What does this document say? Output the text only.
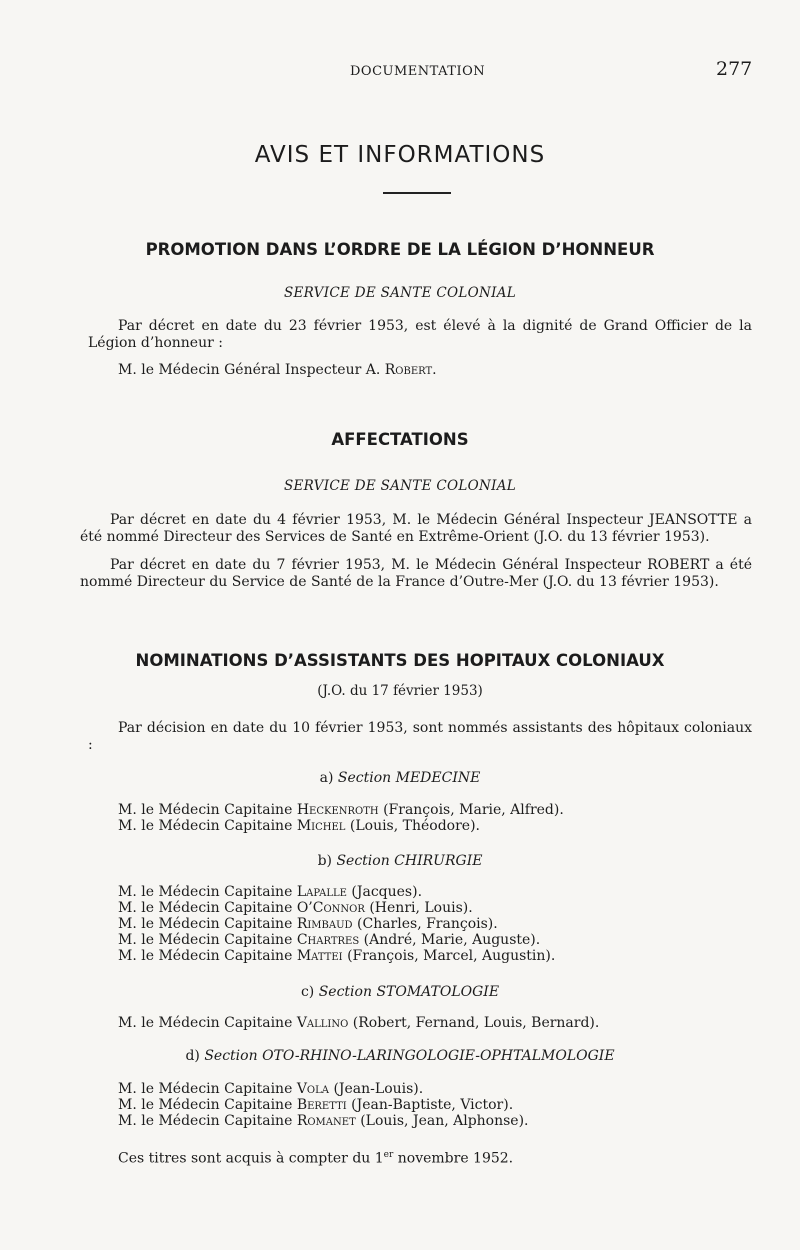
DOCUMENTATION	277
AVIS ET INFORMATIONS
PROMOTION DANS L’ORDRE DE LA LÉGION D’HONNEUR
SERVICE DE SANTE COLONIAL
Par décret en date du 23 février 1953, est élevé à la dignité de Grand Officier de la Légion d’honneur :
M. le Médecin Général Inspecteur A. Robert.
AFFECTATIONS
SERVICE DE SANTE COLONIAL
Par décret en date du 4 février 1953, M. le Médecin Général Inspecteur JEANSOTTE a été nommé Directeur des Services de Santé en Extrême-Orient (J.O. du 13 février 1953).
Par décret en date du 7 février 1953, M. le Médecin Général Inspecteur ROBERT a été nommé Directeur du Service de Santé de la France d’Outre-Mer (J.O. du 13 février 1953).
NOMINATIONS D’ASSISTANTS DES HOPITAUX COLONIAUX
(J.O. du 17 février 1953)
Par décision en date du 10 février 1953, sont nommés assistants des hôpitaux coloniaux :
a) Section MEDECINE
M. le Médecin Capitaine Heckenroth (François, Marie, Alfred).
M. le Médecin Capitaine Michel (Louis, Théodore).
b) Section CHIRURGIE
M. le Médecin Capitaine Lapalle (Jacques).
M. le Médecin Capitaine O’Connor (Henri, Louis).
M. le Médecin Capitaine Rimbaud (Charles, François).
M. le Médecin Capitaine Chartres (André, Marie, Auguste).
M. le Médecin Capitaine Mattei (François, Marcel, Augustin).
c) Section STOMATOLOGIE
M. le Médecin Capitaine Vallino (Robert, Fernand, Louis, Bernard).
d) Section OTO-RHINO-LARINGOLOGIE-OPHTALMOLOGIE
M. le Médecin Capitaine Vola (Jean-Louis).
M. le Médecin Capitaine Beretti (Jean-Baptiste, Victor).
M. le Médecin Capitaine Romanet (Louis, Jean, Alphonse).
Ces titres sont acquis à compter du 1er novembre 1952.
